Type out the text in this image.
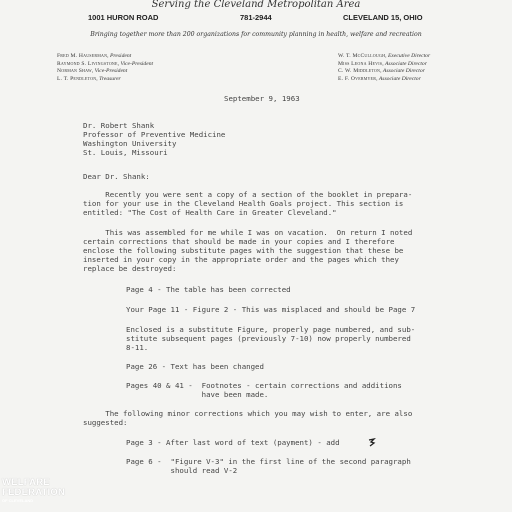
Serving the Cleveland Metropolitan Area
1001 HURON ROAD	781-2944	CLEVELAND 15, OHIO
Bringing together more than 200 organizations for community planning in health, welfare and recreation
Fred M. Hauserman, President
Raymond S. Livingstone, Vice-President
Norman Shaw, Vice-President
L. T. Pendleton, Treasurer
W. T. McCullough, Executive Director
Miss Leona Hevis, Associate Director
C. W. Middleton, Associate Director
E. F. Overmyer, Associate Director
September 9, 1963
Dr. Robert Shank
Professor of Preventive Medicine
Washington University
St. Louis, Missouri
Dear Dr. Shank:
Recently you were sent a copy of a section of the booklet in prepara-
tion for your use in the Cleveland Health Goals project. This section is
entitled: "The Cost of Health Care in Greater Cleveland."
This was assembled for me while I was on vacation.  On return I noted
certain corrections that should be made in your copies and I therefore
enclose the following substitute pages with the suggestion that these be
inserted in your copy in the appropriate order and the pages which they
replace be destroyed:
Page 4 - The table has been corrected
Your Page 11 - Figure 2 - This was misplaced and should be Page 7
Enclosed is a substitute Figure, properly page numbered, and sub-
stitute subsequent pages (previously 7-10) now properly numbered
8-11.
Page 26 - Text has been changed
Pages 40 & 41 -  Footnotes - certain corrections and additions
have been made.
The following minor corrections which you may wish to enter, are also
suggested:
Page 3 - After last word of text (payment) - add
Page 6 -  "Figure V-3" in the first line of the second paragraph
should read V-2
WELFARE
FEDERATION
OF CLEVELAND
